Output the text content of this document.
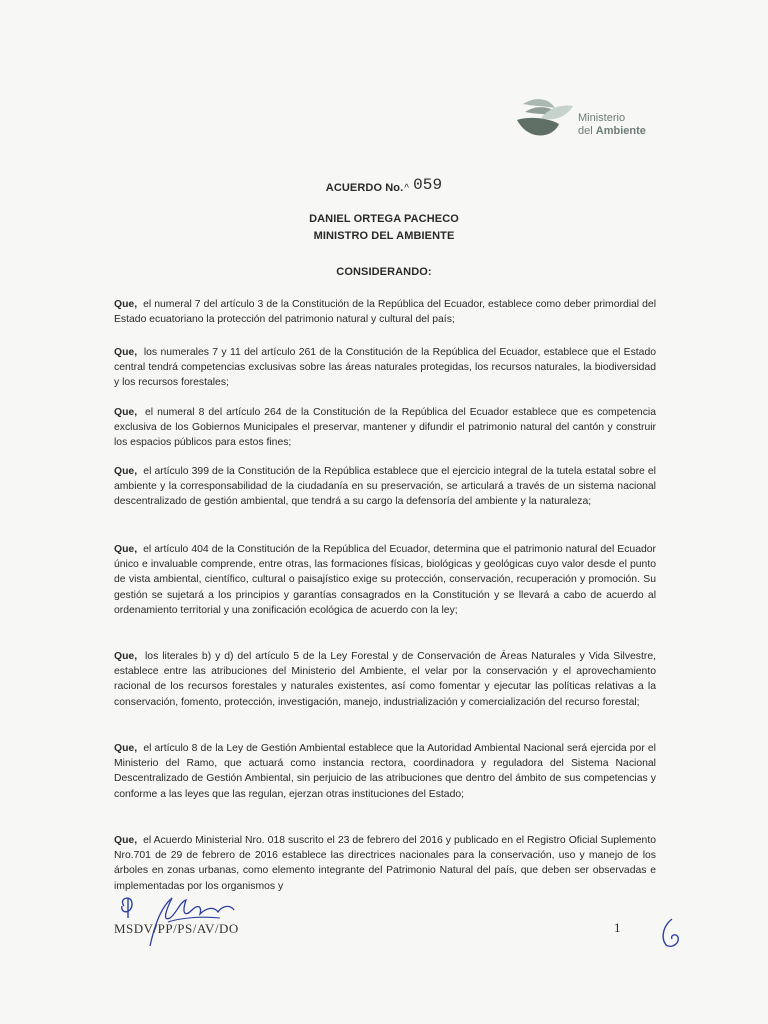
Ministerio
del Ambiente
ACUERDO No.^ 059
DANIEL ORTEGA PACHECO
MINISTRO DEL AMBIENTE
CONSIDERANDO:
Que, el numeral 7 del artículo 3 de la Constitución de la República del Ecuador, establece como deber primordial del Estado ecuatoriano la protección del patrimonio natural y cultural del país;
Que, los numerales 7 y 11 del artículo 261 de la Constitución de la República del Ecuador, establece que el Estado central tendrá competencias exclusivas sobre las áreas naturales protegidas, los recursos naturales, la biodiversidad y los recursos forestales;
Que, el numeral 8 del artículo 264 de la Constitución de la República del Ecuador establece que es competencia exclusiva de los Gobiernos Municipales el preservar, mantener y difundir el patrimonio natural del cantón y construir los espacios públicos para estos fines;
Que, el artículo 399 de la Constitución de la República establece que el ejercicio integral de la tutela estatal sobre el ambiente y la corresponsabilidad de la ciudadanía en su preservación, se articulará a través de un sistema nacional descentralizado de gestión ambiental, que tendrá a su cargo la defensoría del ambiente y la naturaleza;
Que, el artículo 404 de la Constitución de la República del Ecuador, determina que el patrimonio natural del Ecuador único e invaluable comprende, entre otras, las formaciones físicas, biológicas y geológicas cuyo valor desde el punto de vista ambiental, científico, cultural o paisajístico exige su protección, conservación, recuperación y promoción. Su gestión se sujetará a los principios y garantías consagrados en la Constitución y se llevará a cabo de acuerdo al ordenamiento territorial y una zonificación ecológica de acuerdo con la ley;
Que, los literales b) y d) del artículo 5 de la Ley Forestal y de Conservación de Áreas Naturales y Vida Silvestre, establece entre las atribuciones del Ministerio del Ambiente, el velar por la conservación y el aprovechamiento racional de los recursos forestales y naturales existentes, así como fomentar y ejecutar las políticas relativas a la conservación, fomento, protección, investigación, manejo, industrialización y comercialización del recurso forestal;
Que, el artículo 8 de la Ley de Gestión Ambiental establece que la Autoridad Ambiental Nacional será ejercida por el Ministerio del Ramo, que actuará como instancia rectora, coordinadora y reguladora del Sistema Nacional Descentralizado de Gestión Ambiental, sin perjuicio de las atribuciones que dentro del ámbito de sus competencias y conforme a las leyes que las regulan, ejerzan otras instituciones del Estado;
Que, el Acuerdo Ministerial Nro. 018 suscrito el 23 de febrero del 2016 y publicado en el Registro Oficial Suplemento Nro.701 de 29 de febrero de 2016 establece las directrices nacionales para la conservación, uso y manejo de los árboles en zonas urbanas, como elemento integrante del Patrimonio Natural del país, que deben ser observadas e implementadas por los organismos y
MSDV/PP/PS/AV/DO	1
